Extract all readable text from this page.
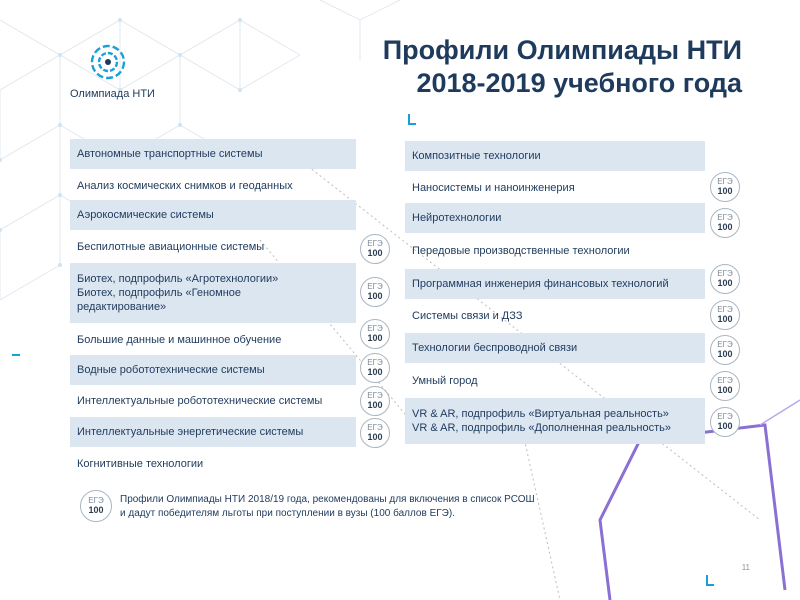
Олимпиада НТИ
Профили Олимпиады НТИ
2018-2019 учебного года
Автономные транспортные системы
Анализ космических снимков и геоданных
Аэрокосмические системы
Беспилотные авиационные системы
Биотех, подпрофиль «Агротехнологии»
Биотех, подпрофиль «Геномное
редактирование»
Большие данные и машинное обучение
Водные робототехнические системы
Интеллектуальные робототехнические системы
Интеллектуальные энергетические системы
Когнитивные технологии
ЕГЭ
100
ЕГЭ
100
ЕГЭ
100
ЕГЭ
100
ЕГЭ
100
ЕГЭ
100
Композитные технологии
Наносистемы и наноинженерия
Нейротехнологии
Передовые производственные технологии
Программная инженерия финансовых технологий
Системы связи и ДЗЗ
Технологии беспроводной связи
Умный город
VR & AR, подпрофиль «Виртуальная реальность»
VR & AR, подпрофиль «Дополненная реальность»
ЕГЭ
100
ЕГЭ
100
ЕГЭ
100
ЕГЭ
100
ЕГЭ
100
ЕГЭ
100
ЕГЭ
100
ЕГЭ
100
Профили Олимпиады НТИ 2018/19 года, рекомендованы для включения в список РСОШ
и дадут победителям льготы при поступлении в вузы (100 баллов ЕГЭ).
11
